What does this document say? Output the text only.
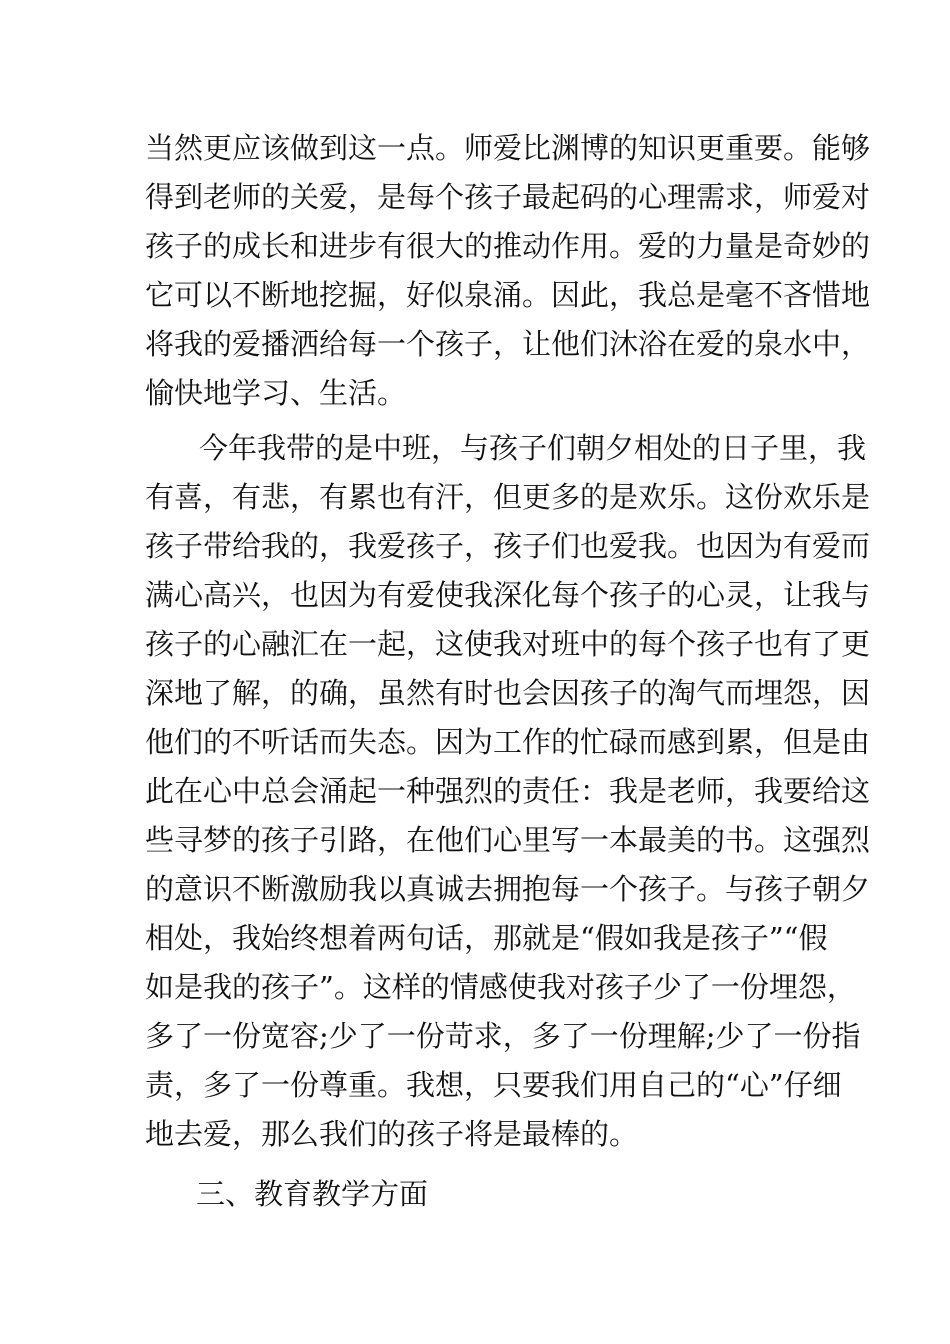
当然更应该做到这一点。师爱比渊博的知识更重要。能够
得到老师的关爱，是每个孩子最起码的心理需求，师爱对
孩子的成长和进步有很大的推动作用。爱的力量是奇妙的
它可以不断地挖掘，好似泉涌。因此，我总是毫不吝惜地
将我的爱播洒给每一个孩子，让他们沐浴在爱的泉水中，
愉快地学习、生活。
今年我带的是中班，与孩子们朝夕相处的日子里，我
有喜，有悲，有累也有汗，但更多的是欢乐。这份欢乐是
孩子带给我的，我爱孩子，孩子们也爱我。也因为有爱而
满心高兴，也因为有爱使我深化每个孩子的心灵，让我与
孩子的心融汇在一起，这使我对班中的每个孩子也有了更
深地了解，的确，虽然有时也会因孩子的淘气而埋怨，因
他们的不听话而失态。因为工作的忙碌而感到累，但是由
此在心中总会涌起一种强烈的责任：我是老师，我要给这
些寻梦的孩子引路，在他们心里写一本最美的书。这强烈
的意识不断激励我以真诚去拥抱每一个孩子。与孩子朝夕
相处，我始终想着两句话，那就是“假如我是孩子”“假
如是我的孩子”。这样的情感使我对孩子少了一份埋怨，
多了一份宽容;少了一份苛求，多了一份理解;少了一份指
责，多了一份尊重。我想，只要我们用自己的“心”仔细
地去爱，那么我们的孩子将是最棒的。
三、教育教学方面
